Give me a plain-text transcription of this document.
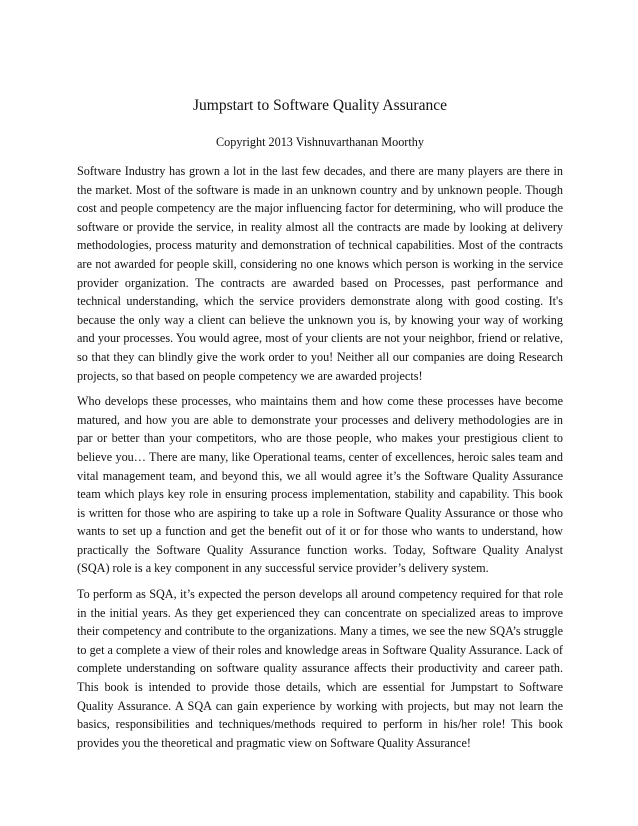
Jumpstart to Software Quality Assurance

Copyright 2013 Vishnuvarthanan Moorthy

Software Industry has grown a lot in the last few decades, and there are many players are there in the market. Most of the software is made in an unknown country and by unknown people. Though cost and people competency are the major influencing factor for determining, who will produce the software or provide the service, in reality almost all the contracts are made by looking at delivery methodologies, process maturity and demonstration of technical capabilities. Most of the contracts are not awarded for people skill, considering no one knows which person is working in the service provider organization. The contracts are awarded based on Processes, past performance and technical understanding, which the service providers demonstrate along with good costing. It's because the only way a client can believe the unknown you is, by knowing your way of working and your processes. You would agree, most of your clients are not your neighbor, friend or relative, so that they can blindly give the work order to you! Neither all our companies are doing Research projects, so that based on people competency we are awarded projects!

Who develops these processes, who maintains them and how come these processes have become matured, and how you are able to demonstrate your processes and delivery methodologies are in par or better than your competitors, who are those people, who makes your prestigious client to believe you… There are many, like Operational teams, center of excellences, heroic sales team and vital management team, and beyond this, we all would agree it’s the Software Quality Assurance team which plays key role in ensuring process implementation, stability and capability. This book is written for those who are aspiring to take up a role in Software Quality Assurance or those who wants to set up a function and get the benefit out of it or for those who wants to understand, how practically the Software Quality Assurance function works. Today, Software Quality Analyst (SQA) role is a key component in any successful service provider’s delivery system.

To perform as SQA, it’s expected the person develops all around competency required for that role in the initial years. As they get experienced they can concentrate on specialized areas to improve their competency and contribute to the organizations. Many a times, we see the new SQA’s struggle to get a complete a view of their roles and knowledge areas in Software Quality Assurance. Lack of complete understanding on software quality assurance affects their productivity and career path. This book is intended to provide those details, which are essential for Jumpstart to Software Quality Assurance. A SQA can gain experience by working with projects, but may not learn the basics, responsibilities and techniques/methods required to perform in his/her role! This book provides you the theoretical and pragmatic view on Software Quality Assurance!
